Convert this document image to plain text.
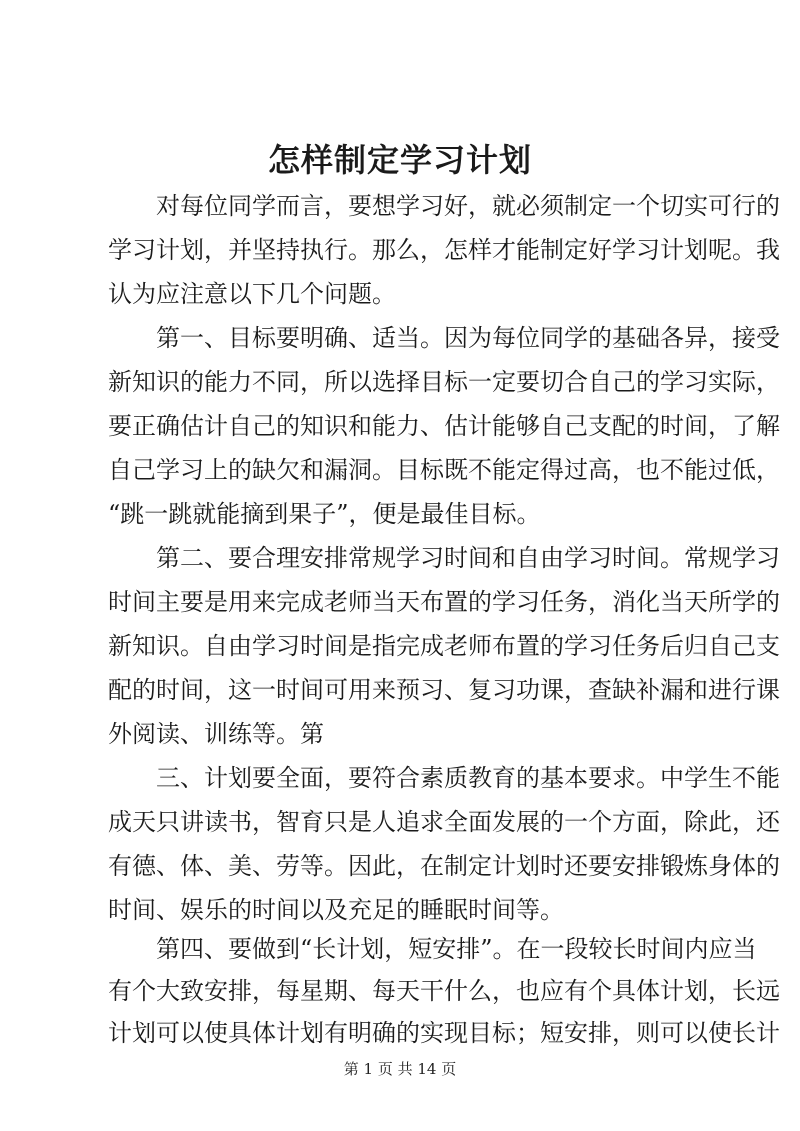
怎样制定学习计划
对每位同学而言，要想学习好，就必须制定一个切实可行的
学习计划，并坚持执行。那么，怎样才能制定好学习计划呢。我
认为应注意以下几个问题。
第一、目标要明确、适当。因为每位同学的基础各异，接受
新知识的能力不同，所以选择目标一定要切合自己的学习实际，
要正确估计自己的知识和能力、估计能够自己支配的时间，了解
自己学习上的缺欠和漏洞。目标既不能定得过高，也不能过低，
“跳一跳就能摘到果子”，便是最佳目标。
第二、要合理安排常规学习时间和自由学习时间。常规学习
时间主要是用来完成老师当天布置的学习任务，消化当天所学的
新知识。自由学习时间是指完成老师布置的学习任务后归自己支
配的时间，这一时间可用来预习、复习功课，查缺补漏和进行课
外阅读、训练等。第
三、计划要全面，要符合素质教育的基本要求。中学生不能
成天只讲读书，智育只是人追求全面发展的一个方面，除此，还
有德、体、美、劳等。因此，在制定计划时还要安排锻炼身体的
时间、娱乐的时间以及充足的睡眠时间等。
第四、要做到“长计划，短安排”。在一段较长时间内应当
有个大致安排，每星期、每天干什么，也应有个具体计划，长远
计划可以使具体计划有明确的实现目标；短安排，则可以使长计
第 1 页 共 14 页
